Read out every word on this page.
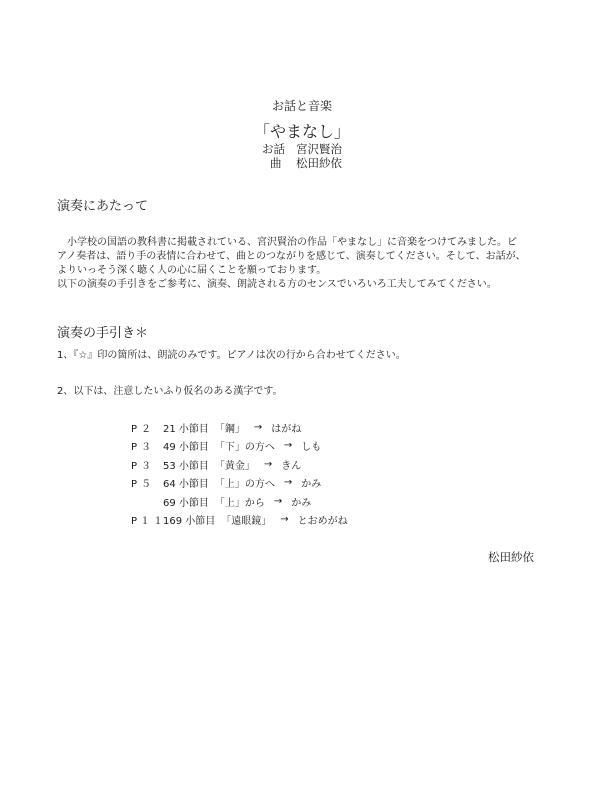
お話と音楽
「やまなし」
お話 宮沢賢治
曲	松田紗依
演奏にあたって

　小学校の国語の教科書に掲載されている、宮沢賢治の作品「やまなし」に音楽をつけてみました。ピ

アノ奏者は、語り手の表情に合わせて、曲とのつながりを感じて、演奏してください。そして、お話が、

よりいっそう深く聴く人の心に届くことを願っております。

以下の演奏の手引きをご参考に、演奏、朗読される方のセンスでいろいろ工夫してみてください。

演奏の手引き＊
1、『☆』印の箇所は、朗読のみです。ピアノは次の行から合わせてください。
2、以下は、注意したいふり仮名のある漢字です。
P２ 21 小節目 「鋼」 → はがね
P３ 49 小節目 「下」の方へ → しも
P３ 53 小節目 「黄金」 → きん
P５ 64 小節目 「上」の方へ → かみ
69 小節目 「上」から → かみ
P１１
169 小節目 「遠眼鏡」 → とおめがね
松田紗依
